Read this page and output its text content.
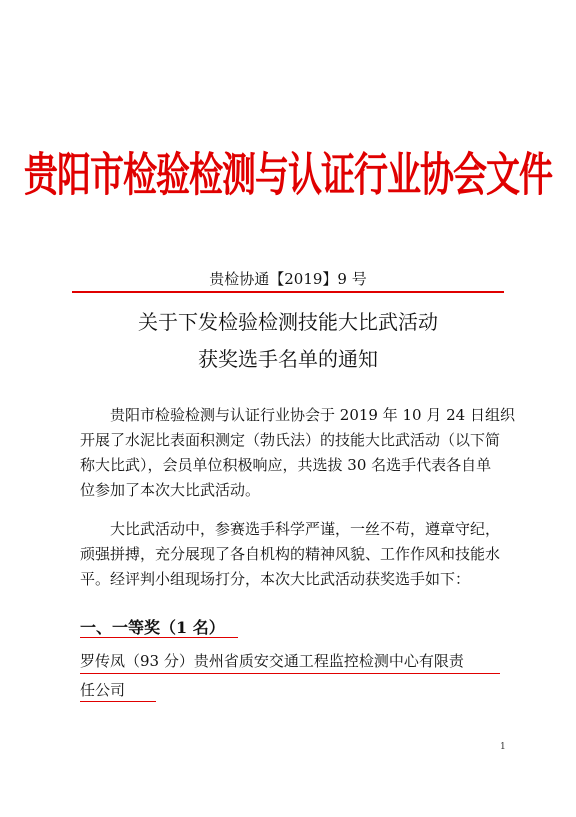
贵阳市检验检测与认证行业协会文件
贵检协通【2019】9 号
关于下发检验检测技能大比武活动
获奖选手名单的通知
贵阳市检验检测与认证行业协会于 2019 年 10 月 24 日组织
开展了水泥比表面积测定（勃氏法）的技能大比武活动（以下简
称大比武），会员单位积极响应，共选拔 30 名选手代表各自单
位参加了本次大比武活动。
大比武活动中，参赛选手科学严谨，一丝不苟，遵章守纪，
顽强拼搏，充分展现了各自机构的精神风貌、工作作风和技能水
平。经评判小组现场打分，本次大比武活动获奖选手如下：
一、一等奖（1 名）
罗传凤（93 分）贵州省质安交通工程监控检测中心有限责
任公司
1
